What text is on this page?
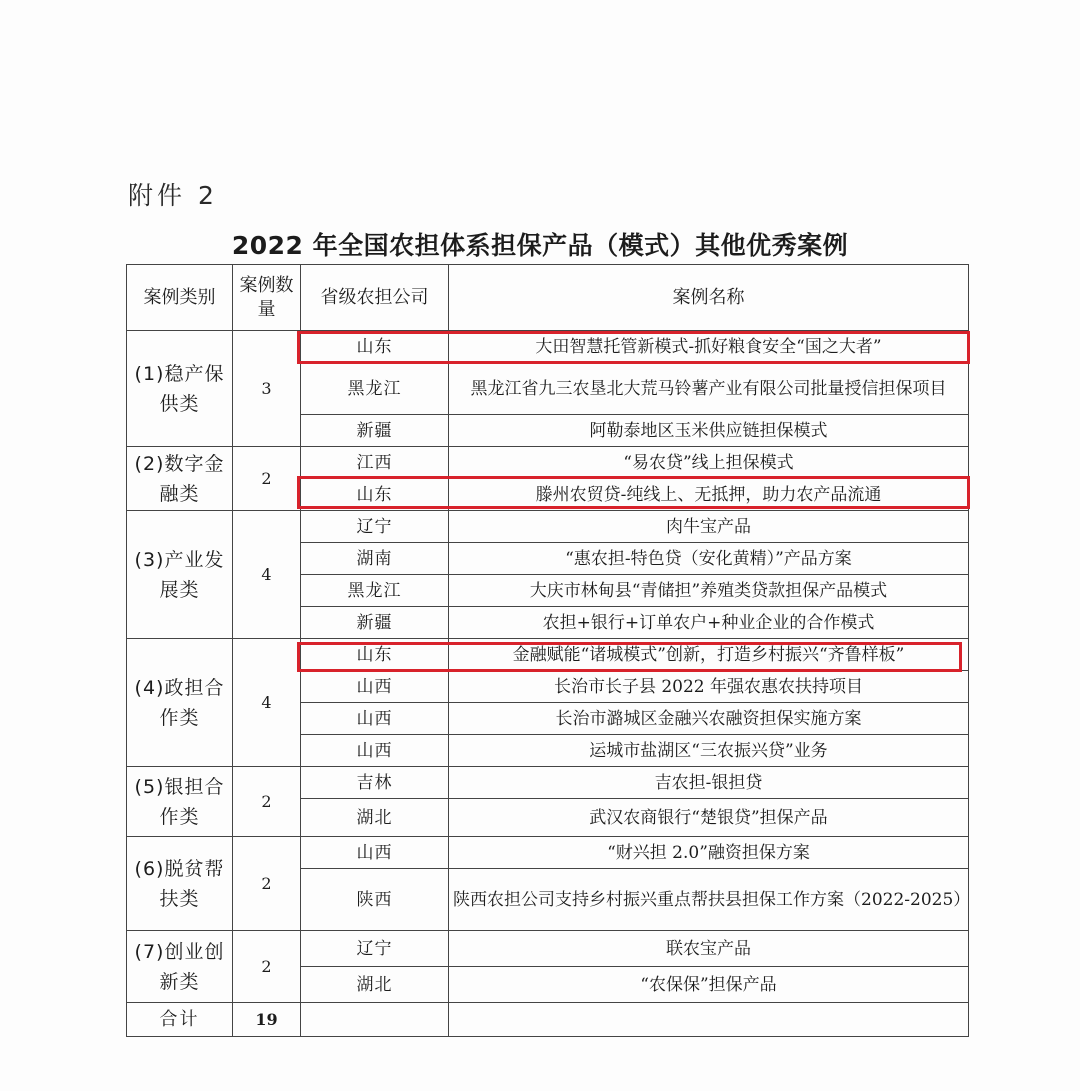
附件 2
2022 年全国农担体系担保产品（模式）其他优秀案例
案例类别	案例数量	省级农担公司	案例名称
(1)稳产保供类	3	山东	大田智慧托管新模式-抓好粮食安全“国之大者”
		黑龙江	黑龙江省九三农垦北大荒马铃薯产业有限公司批量授信担保项目
		新疆	阿勒泰地区玉米供应链担保模式
(2)数字金融类	2	江西	“易农贷”线上担保模式
		山东	滕州农贸贷-纯线上、无抵押，助力农产品流通
(3)产业发展类	4	辽宁	肉牛宝产品
		湖南	“惠农担-特色贷（安化黄精）”产品方案
		黑龙江	大庆市林甸县“青储担”养殖类贷款担保产品模式
		新疆	农担+银行+订单农户+种业企业的合作模式
(4)政担合作类	4	山东	金融赋能“诸城模式”创新，打造乡村振兴“齐鲁样板”
		山西	长治市长子县 2022 年强农惠农扶持项目
		山西	长治市潞城区金融兴农融资担保实施方案
		山西	运城市盐湖区“三农振兴贷”业务
(5)银担合作类	2	吉林	吉农担-银担贷
		湖北	武汉农商银行“楚银贷”担保产品
(6)脱贫帮扶类	2	山西	“财兴担 2.0”融资担保方案
		陕西	陕西农担公司支持乡村振兴重点帮扶县担保工作方案（2022-2025）
(7)创业创新类	2	辽宁	联农宝产品
		湖北	“农保保”担保产品
合计	19		
